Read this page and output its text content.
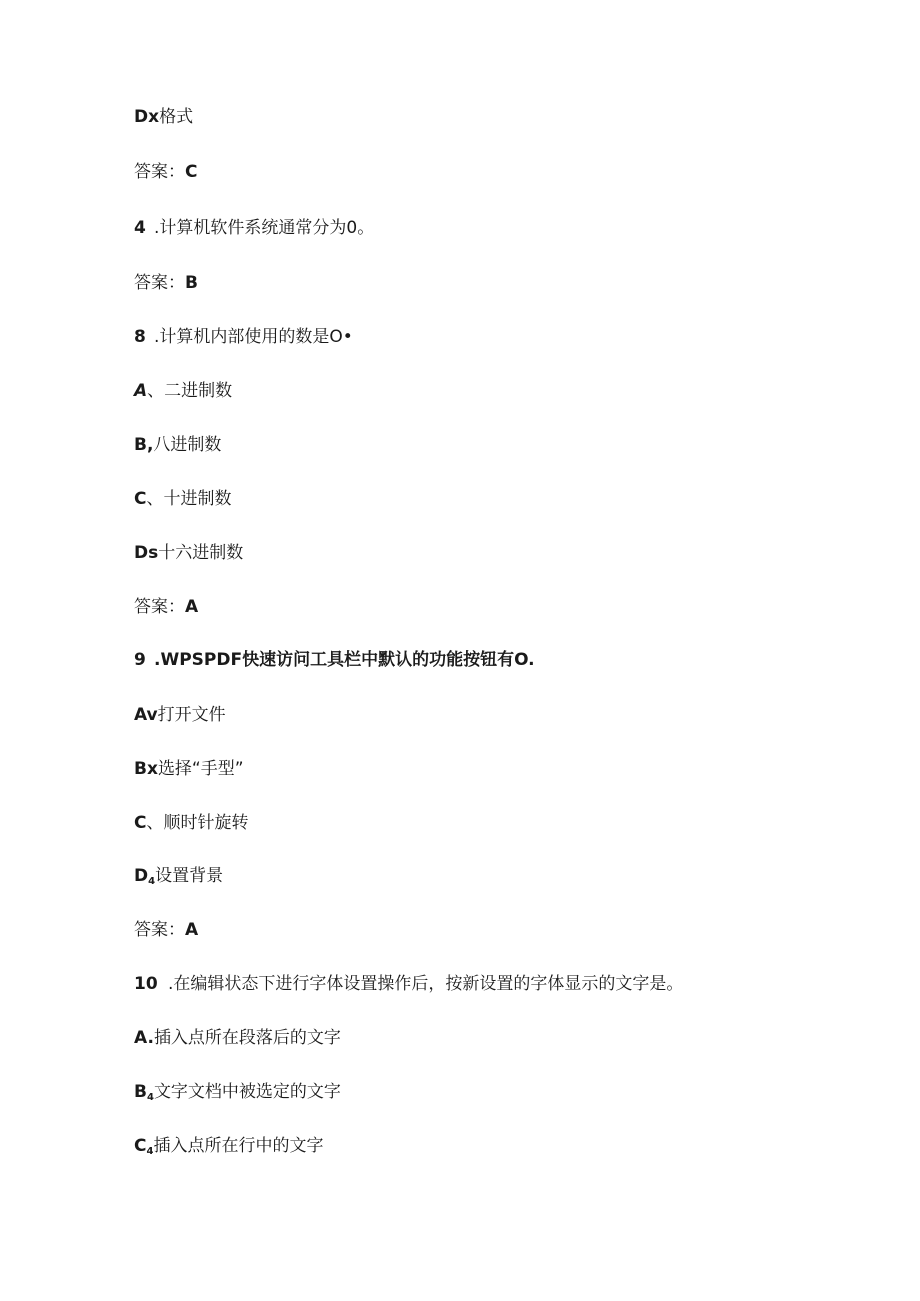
Dx格式
答案：C
4 .计算机软件系统通常分为0。
答案：B
8 .计算机内部使用的数是O•
A、二进制数
B,八进制数
C、十进制数
Ds十六进制数
答案：A
9 .WPSPDF快速访问工具栏中默认的功能按钮有O.
Av打开文件
Bx选择“手型”
C、顺时针旋转
$D_4$设置背景
答案：A
10 .在编辑状态下进行字体设置操作后，按新设置的字体显示的文字是。
A.插入点所在段落后的文字
$B_4$文字文档中被选定的文字
$C_4$插入点所在行中的文字
